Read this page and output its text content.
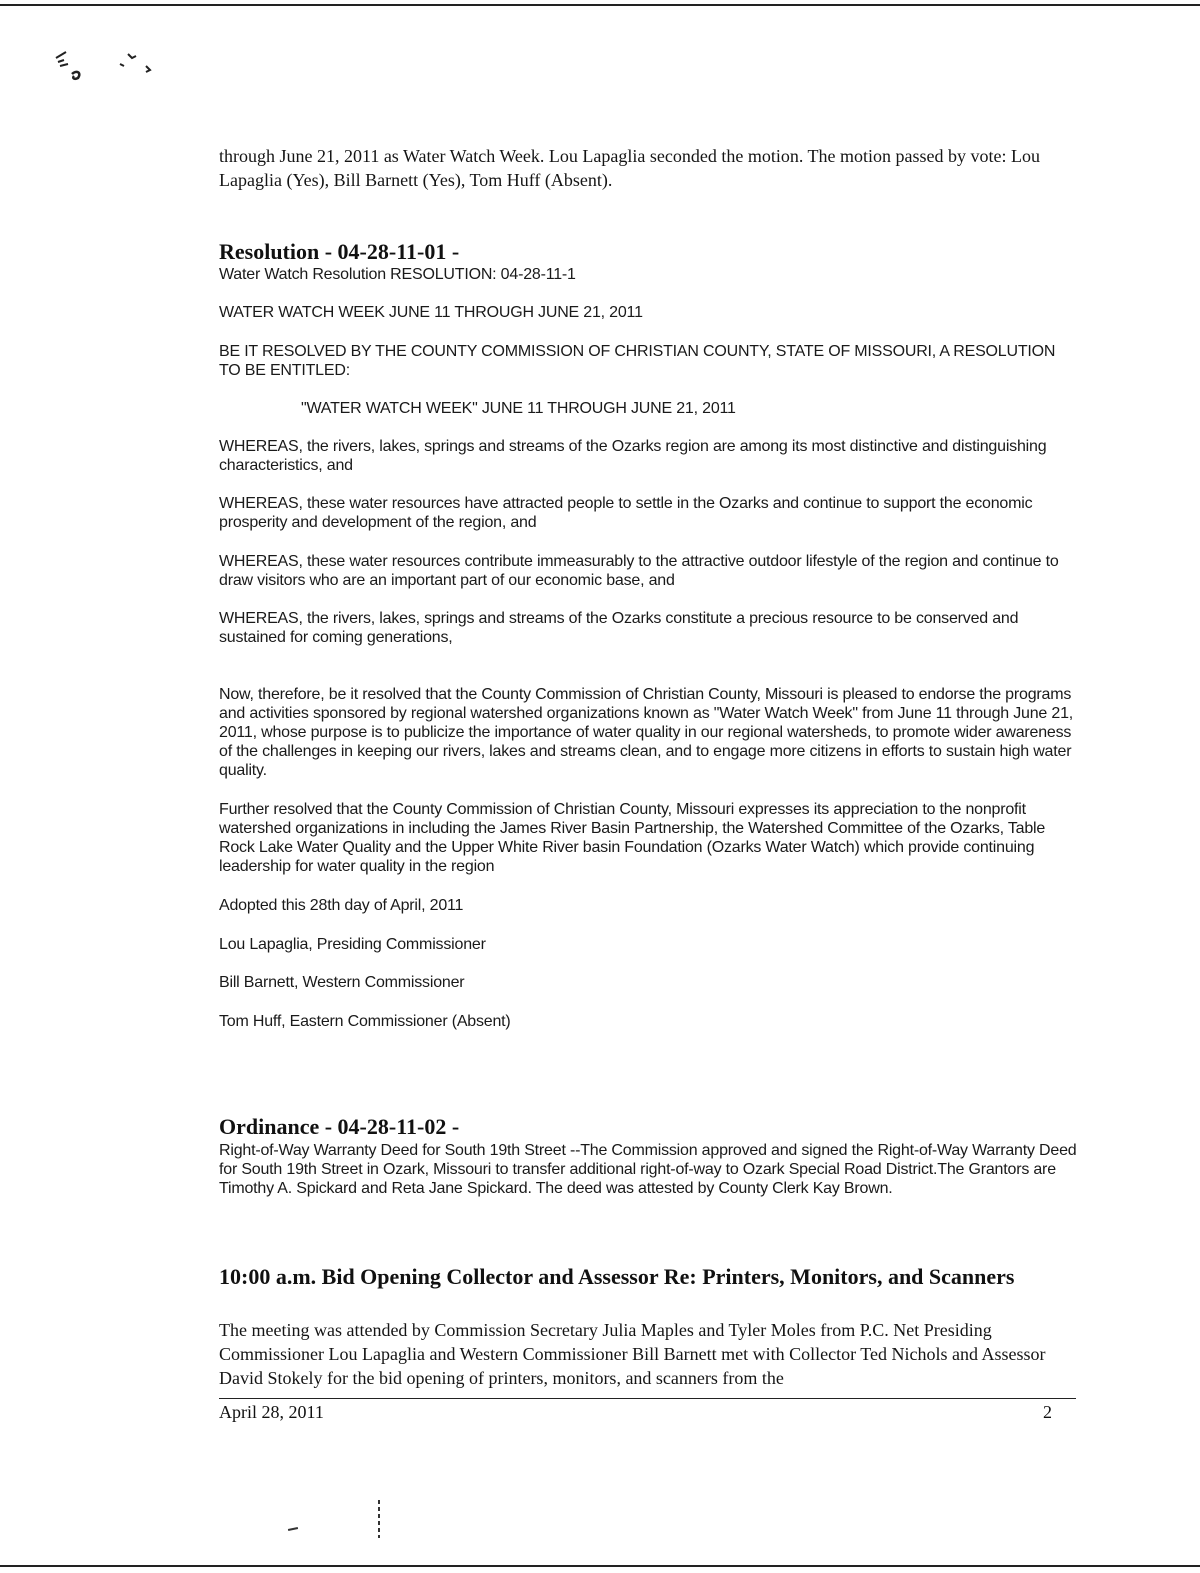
through June 21, 2011 as Water Watch Week. Lou Lapaglia seconded the motion. The motion passed by vote: Lou Lapaglia (Yes), Bill Barnett (Yes), Tom Huff (Absent).

Resolution - 04-28-11-01 -

Water Watch Resolution RESOLUTION: 04-28-11-1

WATER WATCH WEEK JUNE 11 THROUGH JUNE 21, 2011

BE IT RESOLVED BY THE COUNTY COMMISSION OF CHRISTIAN COUNTY, STATE OF MISSOURI, A RESOLUTION TO BE ENTITLED:

"WATER WATCH WEEK" JUNE 11 THROUGH JUNE 21, 2011

WHEREAS, the rivers, lakes, springs and streams of the Ozarks region are among its most distinctive and distinguishing characteristics, and

WHEREAS, these water resources have attracted people to settle in the Ozarks and continue to support the economic prosperity and development of the region, and

WHEREAS, these water resources contribute immeasurably to the attractive outdoor lifestyle of the region and continue to draw visitors who are an important part of our economic base, and

WHEREAS, the rivers, lakes, springs and streams of the Ozarks constitute a precious resource to be conserved and sustained for coming generations,

Now, therefore, be it resolved that the County Commission of Christian County, Missouri is pleased to endorse the programs and activities sponsored by regional watershed organizations known as "Water Watch Week" from June 11 through June 21, 2011, whose purpose is to publicize the importance of water quality in our regional watersheds, to promote wider awareness of the challenges in keeping our rivers, lakes and streams clean, and to engage more citizens in efforts to sustain high water quality.

Further resolved that the County Commission of Christian County, Missouri expresses its appreciation to the nonprofit watershed organizations in including the James River Basin Partnership, the Watershed Committee of the Ozarks, Table Rock Lake Water Quality and the Upper White River basin Foundation (Ozarks Water Watch) which provide continuing leadership for water quality in the region

Adopted this 28th day of April, 2011

Lou Lapaglia, Presiding Commissioner

Bill Barnett, Western Commissioner

Tom Huff, Eastern Commissioner (Absent)

Ordinance - 04-28-11-02 -

Right-of-Way Warranty Deed for South 19th Street --The Commission approved and signed the Right-of-Way Warranty Deed for South 19th Street in Ozark, Missouri to transfer additional right-of-way to Ozark Special Road District.The Grantors are Timothy A. Spickard and Reta Jane Spickard. The deed was attested by County Clerk Kay Brown.

10:00 a.m. Bid Opening Collector and Assessor Re: Printers, Monitors, and Scanners

The meeting was attended by Commission Secretary Julia Maples and Tyler Moles from P.C. Net Presiding Commissioner Lou Lapaglia and Western Commissioner Bill Barnett met with Collector Ted Nichols and Assessor David Stokely for the bid opening of printers, monitors, and scanners from the

April 28, 2011	2
